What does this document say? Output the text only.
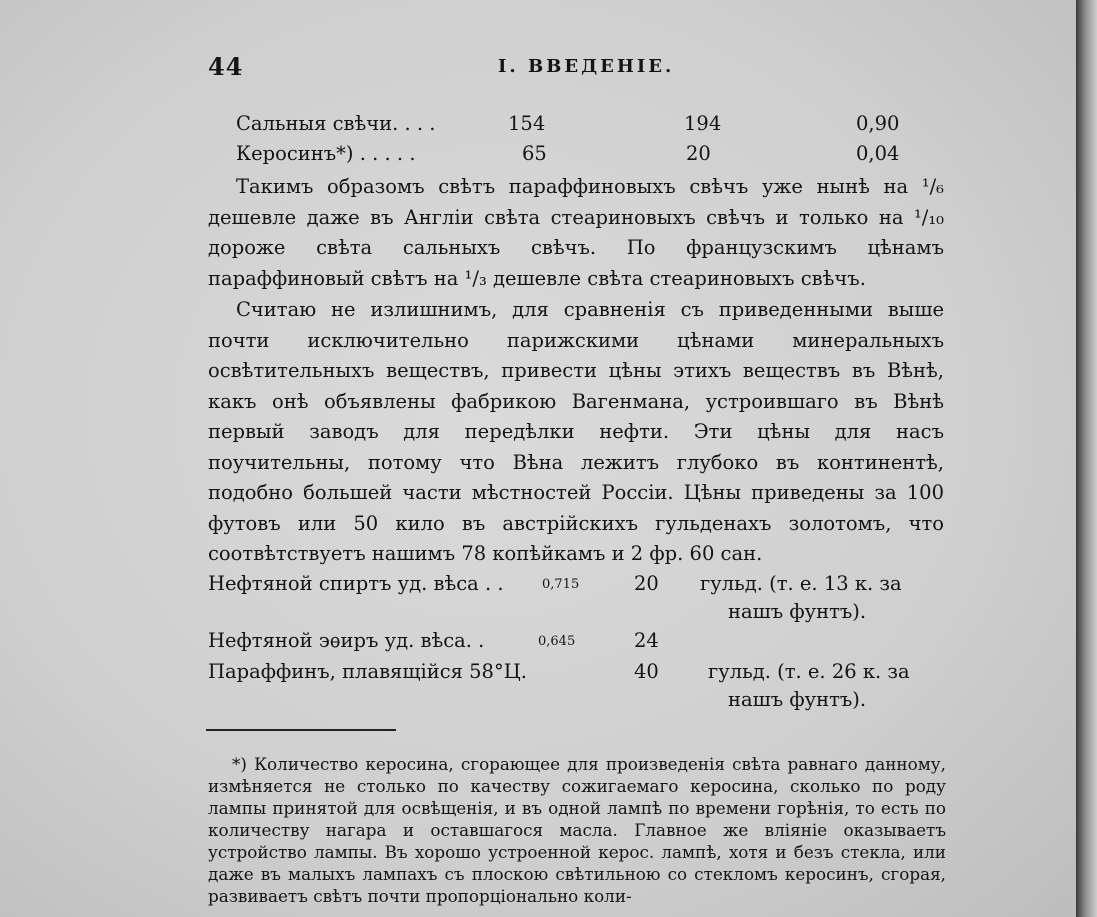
44	I. ВВЕДЕНІЕ.
Сальныя свѣчи. . . .	154	194	0,90
Керосинъ*) . . . . .	65	20	0,04

Такимъ образомъ свѣтъ параффиновыхъ свѣчъ уже нынѣ на ¹/₆ дешевле даже въ Англіи свѣта стеариновыхъ свѣчъ и только на ¹/₁₀ дороже свѣта сальныхъ свѣчъ. По французскимъ цѣнамъ параффиновый свѣтъ на ¹/₃ дешевле свѣта стеариновыхъ свѣчъ.

Считаю не излишнимъ, для сравненія съ приведенными выше почти исключительно парижскими цѣнами минеральныхъ освѣтительныхъ веществъ, привести цѣны этихъ веществъ въ Вѣнѣ, какъ онѣ объявлены фабрикою Вагенмана, устроившаго въ Вѣнѣ первый заводъ для передѣлки нефти. Эти цѣны для насъ поучительны, потому что Вѣна лежитъ глубоко въ континентѣ, подобно большей части мѣстностей Россіи. Цѣны приведены за 100 футовъ или 50 кило въ австрійскихъ гульденахъ золотомъ, что соотвѣтствуетъ нашимъ 78 копѣйкамъ и 2 фр. 60 сан.

Нефтяной спиртъ уд. вѣса . .	0,715	20 гульд. (т. е. 13 к. за
нашъ фунтъ).
Нефтяной эѳиръ уд. вѣса. .	0,645	24
Параффинъ, плавящійся 58°Ц.	40	гульд. (т. е. 26 к. за
нашъ фунтъ).

*) Количество керосина, сгорающее для произведенія свѣта равнаго данному, измѣняется не столько по качеству сожигаемаго керосина, сколько по роду лампы принятой для освѣщенія, и въ одной лампѣ по времени горѣнія, то есть по количеству нагара и оставшагося масла. Главное же вліяніе оказываетъ устройство лампы. Въ хорошо устроенной керос. лампѣ, хотя и безъ стекла, или даже въ малыхъ лампахъ съ плоскою свѣтильною со стекломъ керосинъ, сгорая, развиваетъ свѣтъ почти пропорціонально коли-
